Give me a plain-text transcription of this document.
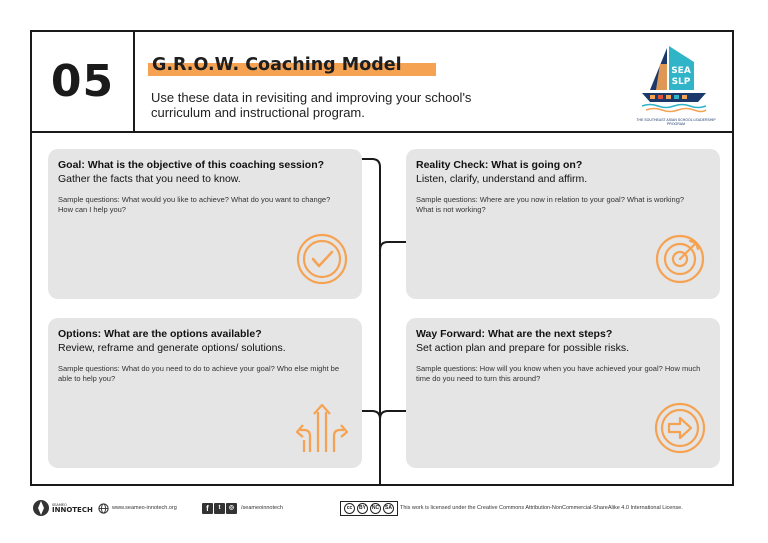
05 G.R.O.W. Coaching Model
Use these data in revisiting and improving your school's curriculum and instructional program.
SEA
SLP
THE SOUTHEAST ASIAN SCHOOL LEADERSHIP PROGRAM
Goal: What is the objective of this coaching session?
Gather the facts that you need to know.
Sample questions: What would you like to achieve? What do you want to change? How can I help you?
Reality Check: What is going on?
Listen, clarify, understand and affirm.
Sample questions: Where are you now in relation to your goal? What is working? What is not working?
Options: What are the options available?
Review, reframe and generate options/ solutions.
Sample questions: What do you need to do to achieve your goal? Who else might be able to help you?
Way Forward: What are the next steps?
Set action plan and prepare for possible risks.
Sample questions: How will you know when you have achieved your goal? How much time do you need to turn this around?
SEAMEO
INNOTECH	www.seameo-innotech.org	f	t	◎	/seameoinnotech	cc	BY	NC	SA	This work is licensed under the Creative Commons Attribution-NonCommercial-ShareAlike 4.0 International License.
